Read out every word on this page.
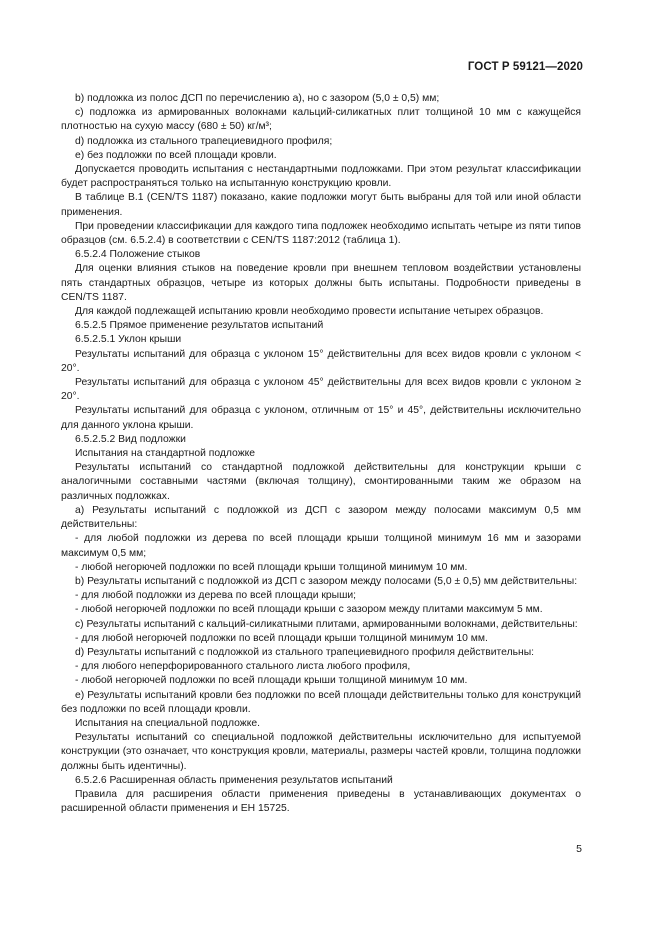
ГОСТ Р 59121—2020

b) подложка из полос ДСП по перечислению а), но с зазором (5,0 ± 0,5) мм;

c) подложка из армированных волокнами кальций-силикатных плит толщиной 10 мм с кажущейся плотностью на сухую массу (680 ± 50) кг/м³;

d) подложка из стального трапециевидного профиля;

e) без подложки по всей площади кровли.

Допускается проводить испытания с нестандартными подложками. При этом результат классификации будет распространяться только на испытанную конструкцию кровли.

В таблице В.1 (CEN/TS 1187) показано, какие подложки могут быть выбраны для той или иной области применения.

При проведении классификации для каждого типа подложек необходимо испытать четыре из пяти типов образцов (см. 6.5.2.4) в соответствии с CEN/TS 1187:2012 (таблица 1).

6.5.2.4 Положение стыков

Для оценки влияния стыков на поведение кровли при внешнем тепловом воздействии установлены пять стандартных образцов, четыре из которых должны быть испытаны. Подробности приведены в CEN/TS 1187.

Для каждой подлежащей испытанию кровли необходимо провести испытание четырех образцов.

6.5.2.5 Прямое применение результатов испытаний

6.5.2.5.1 Уклон крыши

Результаты испытаний для образца с уклоном 15° действительны для всех видов кровли с уклоном < 20°.

Результаты испытаний для образца с уклоном 45° действительны для всех видов кровли с уклоном ≥ 20°.

Результаты испытаний для образца с уклоном, отличным от 15° и 45°, действительны исключительно для данного уклона крыши.

6.5.2.5.2 Вид подложки

Испытания на стандартной подложке

Результаты испытаний со стандартной подложкой действительны для конструкции крыши с аналогичными составными частями (включая толщину), смонтированными таким же образом на различных подложках.

a) Результаты испытаний с подложкой из ДСП с зазором между полосами максимум 0,5 мм действительны:

- для любой подложки из дерева по всей площади крыши толщиной минимум 16 мм и зазорами максимум 0,5 мм;

- любой негорючей подложки по всей площади крыши толщиной минимум 10 мм.

b) Результаты испытаний с подложкой из ДСП с зазором между полосами (5,0 ± 0,5) мм действительны:

- для любой подложки из дерева по всей площади крыши;

- любой негорючей подложки по всей площади крыши с зазором между плитами максимум 5 мм.

c) Результаты испытаний с кальций-силикатными плитами, армированными волокнами, действительны:

- для любой негорючей подложки по всей площади крыши толщиной минимум 10 мм.

d) Результаты испытаний с подложкой из стального трапециевидного профиля действительны:

- для любого неперфорированного стального листа любого профиля,

- любой негорючей подложки по всей площади крыши толщиной минимум 10 мм.

e) Результаты испытаний кровли без подложки по всей площади действительны только для конструкций без подложки по всей площади кровли.

Испытания на специальной подложке.

Результаты испытаний со специальной подложкой действительны исключительно для испытуемой конструкции (это означает, что конструкция кровли, материалы, размеры частей кровли, толщина подложки должны быть идентичны).

6.5.2.6 Расширенная область применения результатов испытаний

Правила для расширения области применения приведены в устанавливающих документах о расширенной области применения и ЕН 15725.

5
